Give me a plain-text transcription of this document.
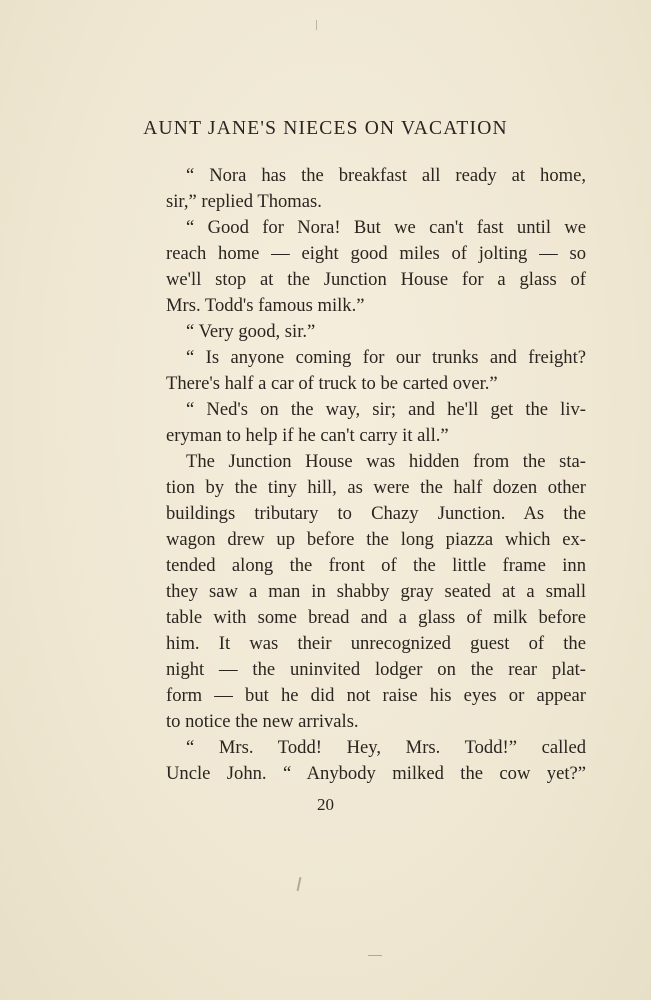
AUNT JANE'S NIECES ON VACATION
“ Nora has the breakfast all ready at home,
sir,” replied Thomas.
“ Good for Nora! But we can't fast until we
reach home — eight good miles of jolting — so
we'll stop at the Junction House for a glass of
Mrs. Todd's famous milk.”
“ Very good, sir.”
“ Is anyone coming for our trunks and freight?
There's half a car of truck to be carted over.”
“ Ned's on the way, sir; and he'll get the liv-
eryman to help if he can't carry it all.”
The Junction House was hidden from the sta-
tion by the tiny hill, as were the half dozen other
buildings tributary to Chazy Junction. As the
wagon drew up before the long piazza which ex-
tended along the front of the little frame inn
they saw a man in shabby gray seated at a small
table with some bread and a glass of milk before
him. It was their unrecognized guest of the
night — the uninvited lodger on the rear plat-
form — but he did not raise his eyes or appear
to notice the new arrivals.
“ Mrs. Todd! Hey, Mrs. Todd!” called
Uncle John. “ Anybody milked the cow yet?”
20
